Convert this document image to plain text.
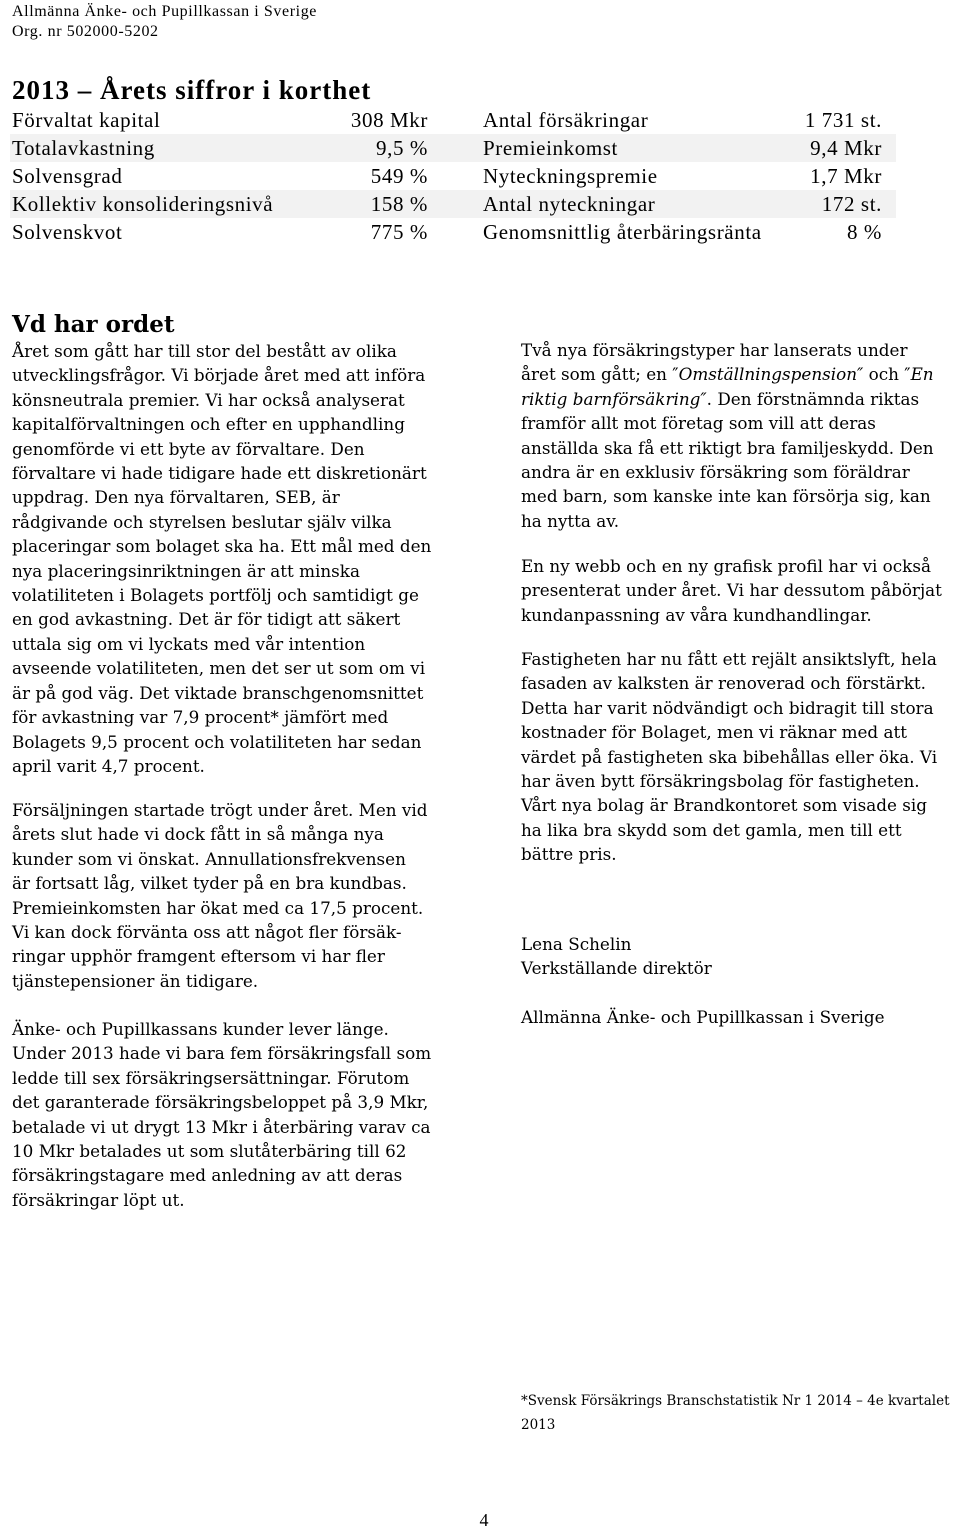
Allmänna Änke- och Pupillkassan i Sverige
Org. nr 502000-5202
2013 – Årets siffror i korthet
Förvaltat kapital	308 Mkr	Antal försäkringar	1 731 st.
Totalavkastning	9,5 %	Premieinkomst	9,4 Mkr
Solvensgrad	549 %	Nyteckningspremie	1,7 Mkr
Kollektiv konsolideringsnivå	158 %	Antal nyteckningar	172 st.
Solvenskvot	775 %	Genomsnittlig återbäringsränta	8 %
Vd har ordet
Året som gått har till stor del bestått av olika
utvecklingsfrågor. Vi började året med att införa
könsneutrala premier. Vi har också analyserat
kapitalförvaltningen och efter en upphandling
genomförde vi ett byte av förvaltare. Den
förvaltare vi hade tidigare hade ett diskretionärt
uppdrag. Den nya förvaltaren, SEB, är
rådgivande och styrelsen beslutar själv vilka
placeringar som bolaget ska ha. Ett mål med den
nya placeringsinriktningen är att minska
volatiliteten i Bolagets portfölj och samtidigt ge
en god avkastning. Det är för tidigt att säkert
uttala sig om vi lyckats med vår intention
avseende volatiliteten, men det ser ut som om vi
är på god väg. Det viktade branschgenomsnittet
för avkastning var 7,9 procent* jämfört med
Bolagets 9,5 procent och volatiliteten har sedan
april varit 4,7 procent.
Försäljningen startade trögt under året. Men vid
årets slut hade vi dock fått in så många nya
kunder som vi önskat. Annullationsfrekvensen
är fortsatt låg, vilket tyder på en bra kundbas.
Premieinkomsten har ökat med ca 17,5 procent.
Vi kan dock förvänta oss att något fler försäk-
ringar upphör framgent eftersom vi har fler
tjänstepensioner än tidigare.
Änke- och Pupillkassans kunder lever länge.
Under 2013 hade vi bara fem försäkringsfall som
ledde till sex försäkringsersättningar. Förutom
det garanterade försäkringsbeloppet på 3,9 Mkr,
betalade vi ut drygt 13 Mkr i återbäring varav ca
10 Mkr betalades ut som slutåterbäring till 62
försäkringstagare med anledning av att deras
försäkringar löpt ut.
Två nya försäkringstyper har lanserats under
året som gått; en ″Omställningspension″ och ″En
riktig barnförsäkring″. Den förstnämnda riktas
framför allt mot företag som vill att deras
anställda ska få ett riktigt bra familjeskydd. Den
andra är en exklusiv försäkring som föräldrar
med barn, som kanske inte kan försörja sig, kan
ha nytta av.
En ny webb och en ny grafisk profil har vi också
presenterat under året. Vi har dessutom påbörjat
kundanpassning av våra kundhandlingar.
Fastigheten har nu fått ett rejält ansiktslyft, hela
fasaden av kalksten är renoverad och förstärkt.
Detta har varit nödvändigt och bidragit till stora
kostnader för Bolaget, men vi räknar med att
värdet på fastigheten ska bibehållas eller öka. Vi
har även bytt försäkringsbolag för fastigheten.
Vårt nya bolag är Brandkontoret som visade sig
ha lika bra skydd som det gamla, men till ett
bättre pris.
Lena Schelin
Verkställande direktör
Allmänna Änke- och Pupillkassan i Sverige
*Svensk Försäkrings Branschstatistik Nr 1 2014 – 4e kvartalet
2013
4
